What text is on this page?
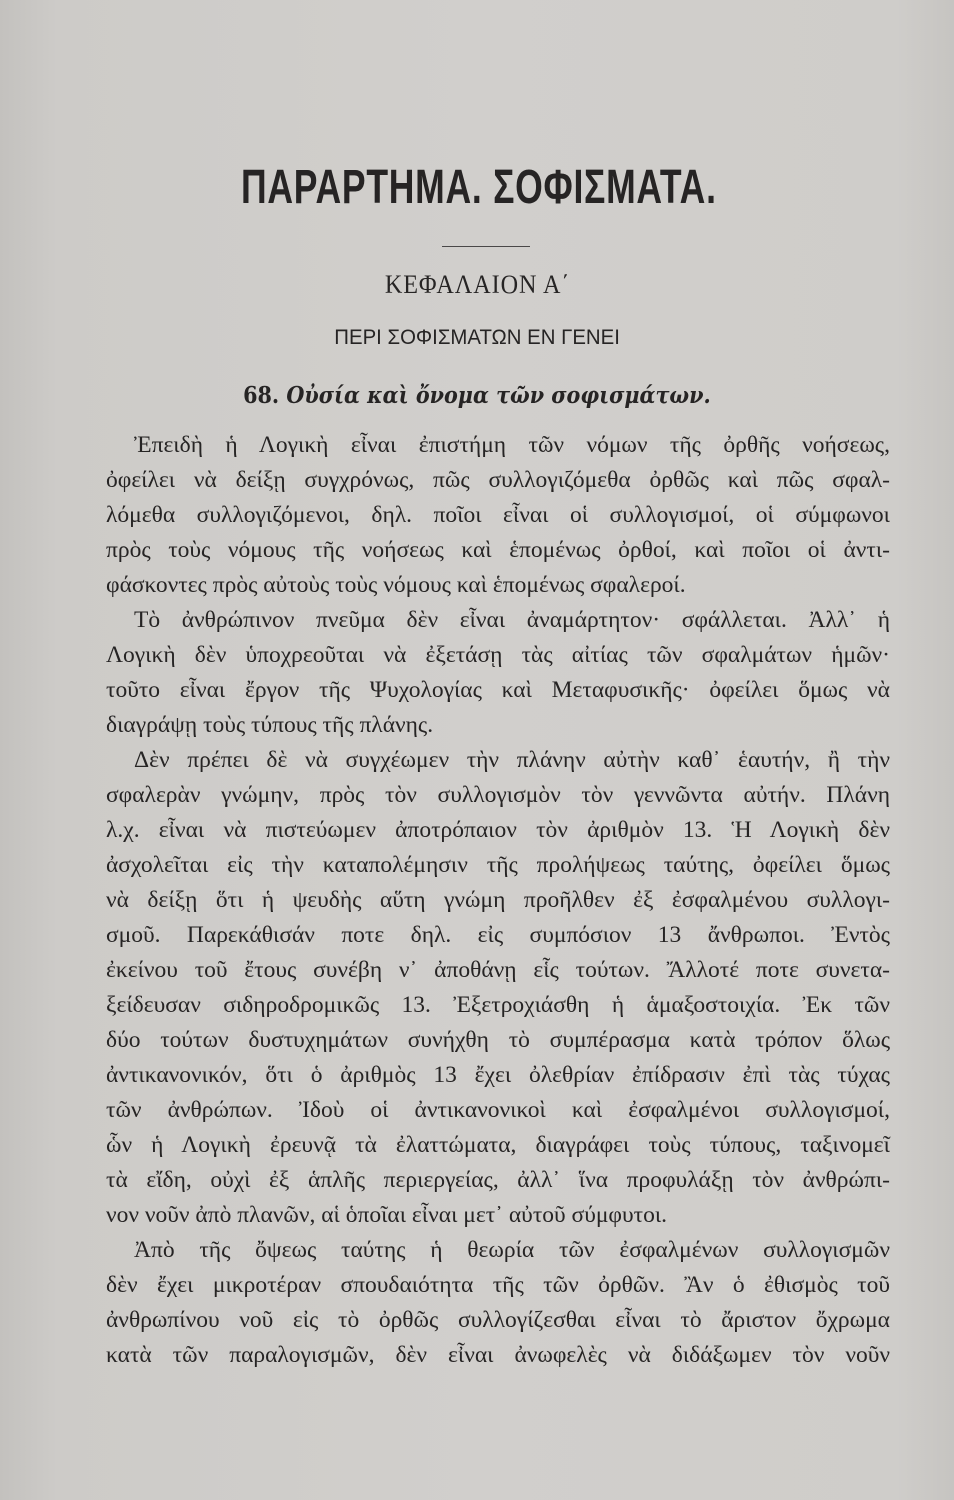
ΠΑΡΑΡΤΗΜΑ. ΣΟΦΙΣΜΑΤΑ.
ΚΕΦΑΛΑΙΟΝ Α΄
ΠΕΡΙ ΣΟΦΙΣΜΑΤΩΝ ΕΝ ΓΕΝΕΙ
68. Οὐσία καὶ ὄνομα τῶν σοφισμάτων.
Ἐπειδὴ ἡ Λογικὴ εἶναι ἐπιστήμη τῶν νόμων τῆς ὀρθῆς νοήσεως,
ὀφείλει νὰ δείξῃ συγχρόνως, πῶς συλλογιζόμεθα ὀρθῶς καὶ πῶς σφαλ-
λόμεθα συλλογιζόμενοι, δηλ. ποῖοι εἶναι οἱ συλλογισμοί, οἱ σύμφωνοι
πρὸς τοὺς νόμους τῆς νοήσεως καὶ ἑπομένως ὀρθοί, καὶ ποῖοι οἱ ἀντι-
φάσκοντες πρὸς αὐτοὺς τοὺς νόμους καὶ ἑπομένως σφαλεροί.
Τὸ ἀνθρώπινον πνεῦμα δὲν εἶναι ἀναμάρτητον· σφάλλεται. Ἀλλ᾽ ἡ
Λογικὴ δὲν ὑποχρεοῦται νὰ ἐξετάσῃ τὰς αἰτίας τῶν σφαλμάτων ἡμῶν·
τοῦτο εἶναι ἔργον τῆς Ψυχολογίας καὶ Μεταφυσικῆς· ὀφείλει ὅμως νὰ
διαγράψῃ τοὺς τύπους τῆς πλάνης.
Δὲν πρέπει δὲ νὰ συγχέωμεν τὴν πλάνην αὐτὴν καθ᾽ ἑαυτήν, ἢ τὴν
σφαλερὰν γνώμην, πρὸς τὸν συλλογισμὸν τὸν γεννῶντα αὐτήν. Πλάνη
λ.χ. εἶναι νὰ πιστεύωμεν ἀποτρόπαιον τὸν ἀριθμὸν 13. Ἡ Λογικὴ δὲν
ἀσχολεῖται εἰς τὴν καταπολέμησιν τῆς προλήψεως ταύτης, ὀφείλει ὅμως
νὰ δείξῃ ὅτι ἡ ψευδὴς αὕτη γνώμη προῆλθεν ἐξ ἐσφαλμένου συλλογι-
σμοῦ. Παρεκάθισάν ποτε δηλ. εἰς συμπόσιον 13 ἄνθρωποι. Ἐντὸς
ἐκείνου τοῦ ἔτους συνέβη ν᾽ ἀποθάνῃ εἷς τούτων. Ἄλλοτέ ποτε συνετα-
ξείδευσαν σιδηροδρομικῶς 13. Ἐξετροχιάσθη ἡ ἁμαξοστοιχία. Ἐκ τῶν
δύο τούτων δυστυχημάτων συνήχθη τὸ συμπέρασμα κατὰ τρόπον ὅλως
ἀντικανονικόν, ὅτι ὁ ἀριθμὸς 13 ἔχει ὀλεθρίαν ἐπίδρασιν ἐπὶ τὰς τύχας
τῶν ἀνθρώπων. Ἰδοὺ οἱ ἀντικανονικοὶ καὶ ἐσφαλμένοι συλλογισμοί,
ὧν ἡ Λογικὴ ἐρευνᾷ τὰ ἐλαττώματα, διαγράφει τοὺς τύπους, ταξινομεῖ
τὰ εἴδη, οὐχὶ ἐξ ἁπλῆς περιεργείας, ἀλλ᾽ ἵνα προφυλάξῃ τὸν ἀνθρώπι-
νον νοῦν ἀπὸ πλανῶν, αἱ ὁποῖαι εἶναι μετ᾽ αὐτοῦ σύμφυτοι.
Ἀπὸ τῆς ὄψεως ταύτης ἡ θεωρία τῶν ἐσφαλμένων συλλογισμῶν
δὲν ἔχει μικροτέραν σπουδαιότητα τῆς τῶν ὀρθῶν. Ἂν ὁ ἐθισμὸς τοῦ
ἀνθρωπίνου νοῦ εἰς τὸ ὀρθῶς συλλογίζεσθαι εἶναι τὸ ἄριστον ὄχρωμα
κατὰ τῶν παραλογισμῶν, δὲν εἶναι ἀνωφελὲς νὰ διδάξωμεν τὸν νοῦν
